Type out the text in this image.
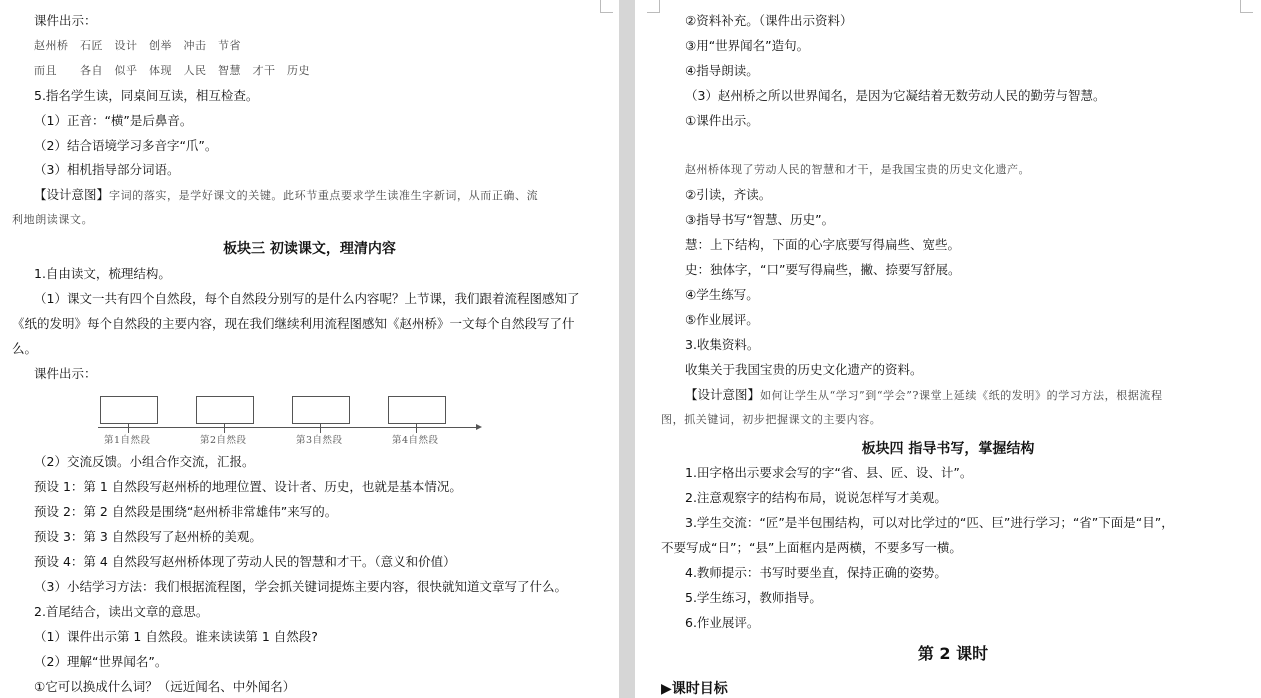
课件出示：
赵州桥　石匠　设计　创举　冲击　节省
而且　　各自　似乎　体现　人民　智慧　才干　历史
5.指名学生读，同桌间互读，相互检查。
（1）正音：“横”是后鼻音。
（2）结合语境学习多音字“爪”。
（3）相机指导部分词语。
【设计意图】字词的落实，是学好课文的关键。此环节重点要求学生读准生字新词，从而正确、流
利地朗读课文。
板块三 初读课文，理清内容
1.自由读文，梳理结构。
（1）课文一共有四个自然段，每个自然段分别写的是什么内容呢？上节课，我们跟着流程图感知了
《纸的发明》每个自然段的主要内容，现在我们继续利用流程图感知《赵州桥》一文每个自然段写了什
么。
课件出示：
第1自然段	第2自然段	第3自然段	第4自然段
（2）交流反馈。小组合作交流，汇报。
预设 1：第 1 自然段写赵州桥的地理位置、设计者、历史，也就是基本情况。
预设 2：第 2 自然段是围绕“赵州桥非常雄伟”来写的。
预设 3：第 3 自然段写了赵州桥的美观。
预设 4：第 4 自然段写赵州桥体现了劳动人民的智慧和才干。（意义和价值）
（3）小结学习方法：我们根据流程图，学会抓关键词提炼主要内容，很快就知道文章写了什么。
2.首尾结合，读出文章的意思。
（1）课件出示第 1 自然段。谁来读读第 1 自然段?
（2）理解“世界闻名”。
①它可以换成什么词？（远近闻名、中外闻名）
②资料补充。（课件出示资料）
③用“世界闻名”造句。
④指导朗读。
（3）赵州桥之所以世界闻名，是因为它凝结着无数劳动人民的勤劳与智慧。
①课件出示。
赵州桥体现了劳动人民的智慧和才干，是我国宝贵的历史文化遗产。
②引读，齐读。
③指导书写“智慧、历史”。
慧：上下结构，下面的心字底要写得扁些、宽些。
史：独体字，“口”要写得扁些，撇、捺要写舒展。
④学生练写。
⑤作业展评。
3.收集资料。
收集关于我国宝贵的历史文化遗产的资料。
【设计意图】如何让学生从“学习”到“学会”?课堂上延续《纸的发明》的学习方法，根据流程
图，抓关键词，初步把握课文的主要内容。
板块四 指导书写，掌握结构
1.田字格出示要求会写的字“省、县、匠、设、计”。
2.注意观察字的结构布局，说说怎样写才美观。
3.学生交流：“匠”是半包围结构，可以对比学过的“匹、巨”进行学习；“省”下面是“目”，
不要写成“日”；“县”上面框内是两横，不要多写一横。
4.教师提示：书写时要坐直，保持正确的姿势。
5.学生练习，教师指导。
6.作业展评。
第 2 课时
▶课时目标
